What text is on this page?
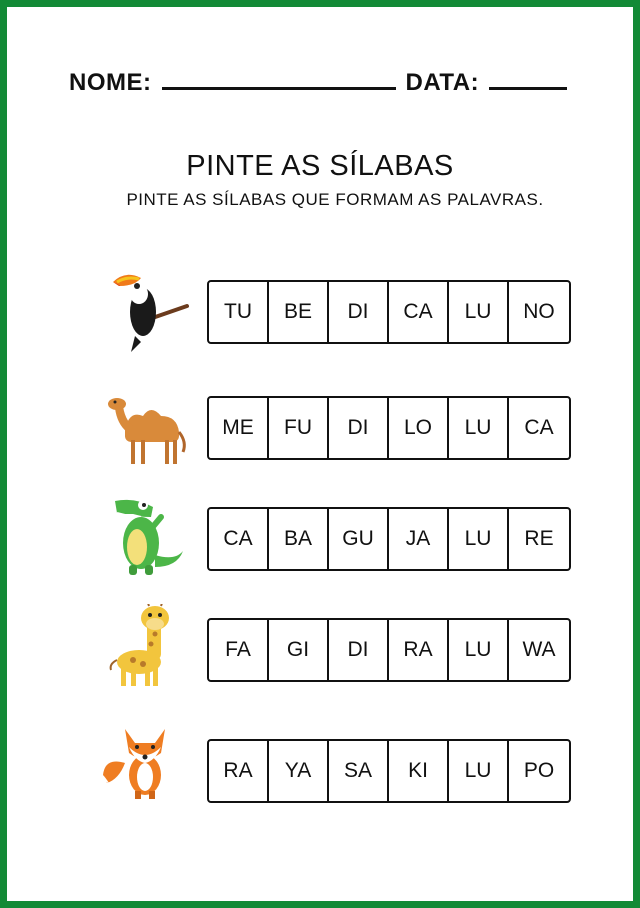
NOME:	DATA:
PINTE AS SÍLABAS
PINTE AS SÍLABAS QUE FORMAM AS PALAVRAS.
TU	BE	DI	CA	LU	NO
ME	FU	DI	LO	LU	CA
CA	BA	GU	JA	LU	RE
FA	GI	DI	RA	LU	WA
RA	YA	SA	KI	LU	PO
